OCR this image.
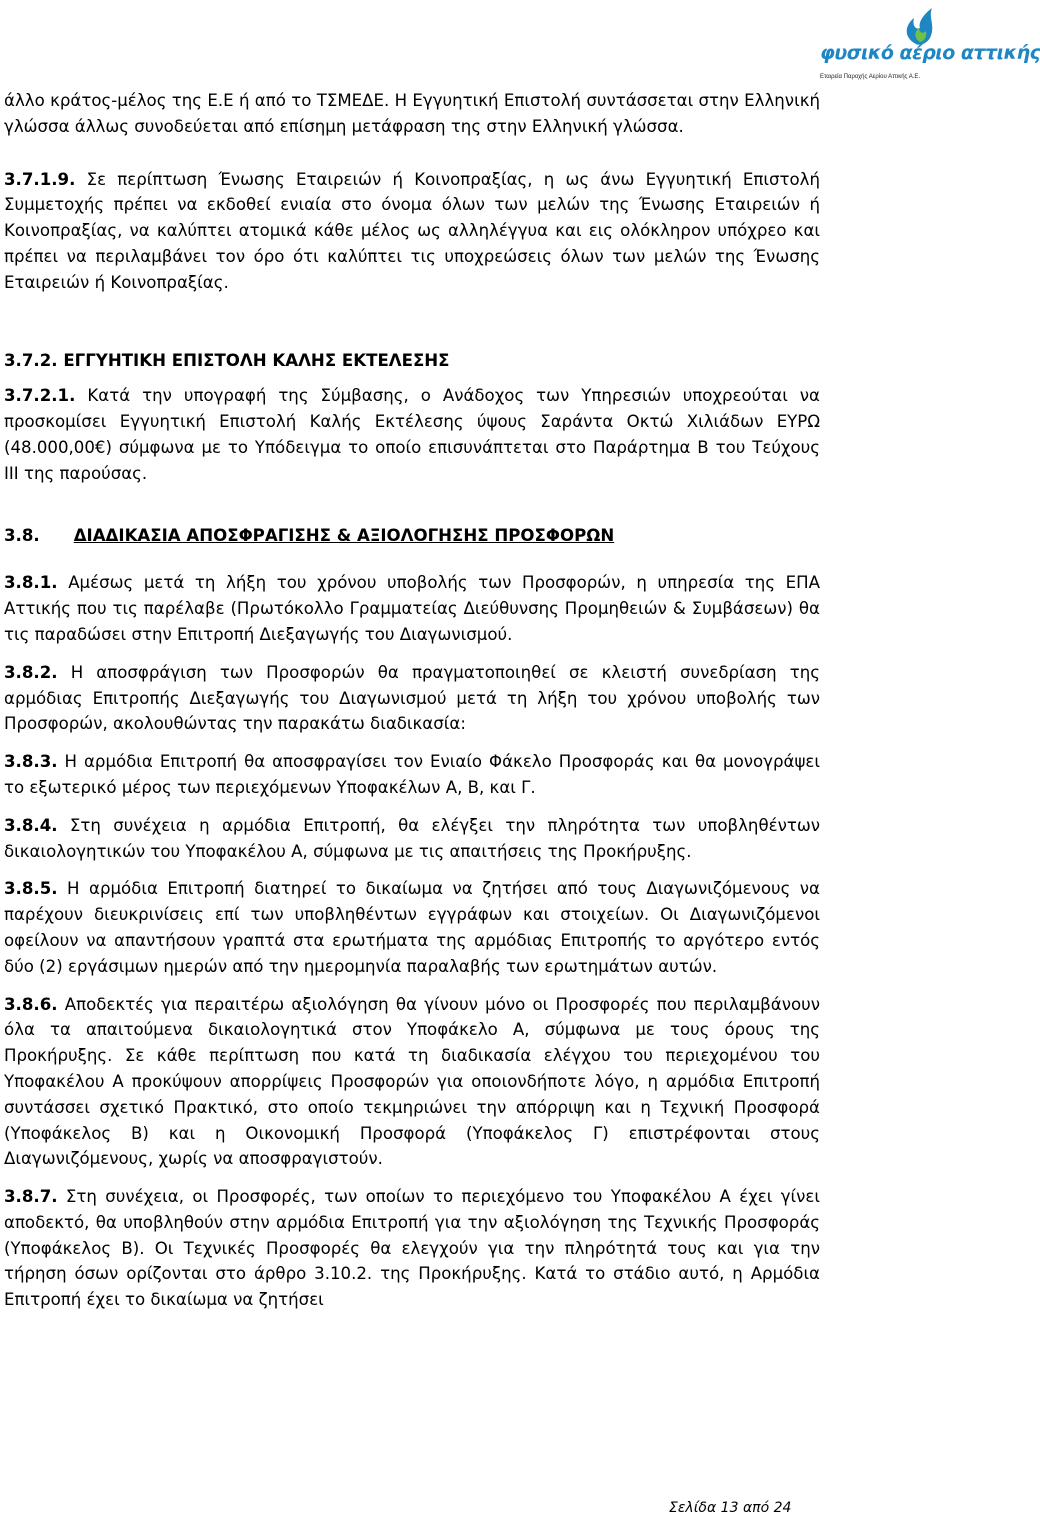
φυσικό αέριο αττικής
Εταιρεία Παροχής Αερίου Αττικής Α.Ε.

άλλο κράτος-μέλος της Ε.Ε ή από το ΤΣΜΕΔΕ. Η Εγγυητική Επιστολή συντάσσεται στην Ελληνική γλώσσα άλλως συνοδεύεται από επίσημη μετάφραση της στην Ελληνική γλώσσα.

3.7.1.9. Σε περίπτωση Ένωσης Εταιρειών ή Κοινοπραξίας, η ως άνω Εγγυητική Επιστολή Συμμετοχής πρέπει να εκδοθεί ενιαία στο όνομα όλων των μελών της Ένωσης Εταιρειών ή Κοινοπραξίας, να καλύπτει ατομικά κάθε μέλος ως αλληλέγγυα και εις ολόκληρον υπόχρεο και πρέπει να περιλαμβάνει τον όρο ότι καλύπτει τις υποχρεώσεις όλων των μελών της Ένωσης Εταιρειών ή Κοινοπραξίας.

3.7.2. ΕΓΓΥΗΤΙΚΗ ΕΠΙΣΤΟΛΗ ΚΑΛΗΣ ΕΚΤΕΛΕΣΗΣ

3.7.2.1. Κατά την υπογραφή της Σύμβασης, ο Ανάδοχος των Υπηρεσιών υποχρεούται να προσκομίσει Εγγυητική Επιστολή Καλής Εκτέλεσης ύψους Σαράντα Οκτώ Χιλιάδων ΕΥΡΩ (48.000,00€) σύμφωνα με το Υπόδειγμα το οποίο επισυνάπτεται στο Παράρτημα Β του Τεύχους ΙΙΙ της παρούσας.

3.8. ΔΙΑΔΙΚΑΣΙΑ ΑΠΟΣΦΡΑΓΙΣΗΣ & ΑΞΙΟΛΟΓΗΣΗΣ ΠΡΟΣΦΟΡΩΝ

3.8.1. Αμέσως μετά τη λήξη του χρόνου υποβολής των Προσφορών, η υπηρεσία της ΕΠΑ Αττικής που τις παρέλαβε (Πρωτόκολλο Γραμματείας Διεύθυνσης Προμηθειών & Συμβάσεων) θα τις παραδώσει στην Επιτροπή Διεξαγωγής του Διαγωνισμού.

3.8.2. Η αποσφράγιση των Προσφορών θα πραγματοποιηθεί σε κλειστή συνεδρίαση της αρμόδιας Επιτροπής Διεξαγωγής του Διαγωνισμού μετά τη λήξη του χρόνου υποβολής των Προσφορών, ακολουθώντας την παρακάτω διαδικασία:

3.8.3. Η αρμόδια Επιτροπή θα αποσφραγίσει τον Ενιαίο Φάκελο Προσφοράς και θα μονογράψει το εξωτερικό μέρος των περιεχόμενων Υποφακέλων Α, Β, και Γ.

3.8.4. Στη συνέχεια η αρμόδια Επιτροπή, θα ελέγξει την πληρότητα των υποβληθέντων δικαιολογητικών του Υποφακέλου Α, σύμφωνα με τις απαιτήσεις της Προκήρυξης.

3.8.5. Η αρμόδια Επιτροπή διατηρεί το δικαίωμα να ζητήσει από τους Διαγωνιζόμενους να παρέχουν διευκρινίσεις επί των υποβληθέντων εγγράφων και στοιχείων. Οι Διαγωνιζόμενοι οφείλουν να απαντήσουν γραπτά στα ερωτήματα της αρμόδιας Επιτροπής το αργότερο εντός δύο (2) εργάσιμων ημερών από την ημερομηνία παραλαβής των ερωτημάτων αυτών.

3.8.6. Αποδεκτές για περαιτέρω αξιολόγηση θα γίνουν μόνο οι Προσφορές που περιλαμβάνουν όλα τα απαιτούμενα δικαιολογητικά στον Υποφάκελο Α, σύμφωνα με τους όρους της Προκήρυξης. Σε κάθε περίπτωση που κατά τη διαδικασία ελέγχου του περιεχομένου του Υποφακέλου Α προκύψουν απορρίψεις Προσφορών για οποιονδήποτε λόγο, η αρμόδια Επιτροπή συντάσσει σχετικό Πρακτικό, στο οποίο τεκμηριώνει την απόρριψη και η Τεχνική Προσφορά (Υποφάκελος Β) και η Οικονομική Προσφορά (Υποφάκελος Γ) επιστρέφονται στους Διαγωνιζόμενους, χωρίς να αποσφραγιστούν.

3.8.7. Στη συνέχεια, οι Προσφορές, των οποίων το περιεχόμενο του Υποφακέλου Α έχει γίνει αποδεκτό, θα υποβληθούν στην αρμόδια Επιτροπή για την αξιολόγηση της Τεχνικής Προσφοράς (Υποφάκελος Β). Οι Τεχνικές Προσφορές θα ελεγχούν για την πληρότητά τους και για την τήρηση όσων ορίζονται στο άρθρο 3.10.2. της Προκήρυξης. Κατά το στάδιο αυτό, η Αρμόδια Επιτροπή έχει το δικαίωμα να ζητήσει

Σελίδα 13 από 24
